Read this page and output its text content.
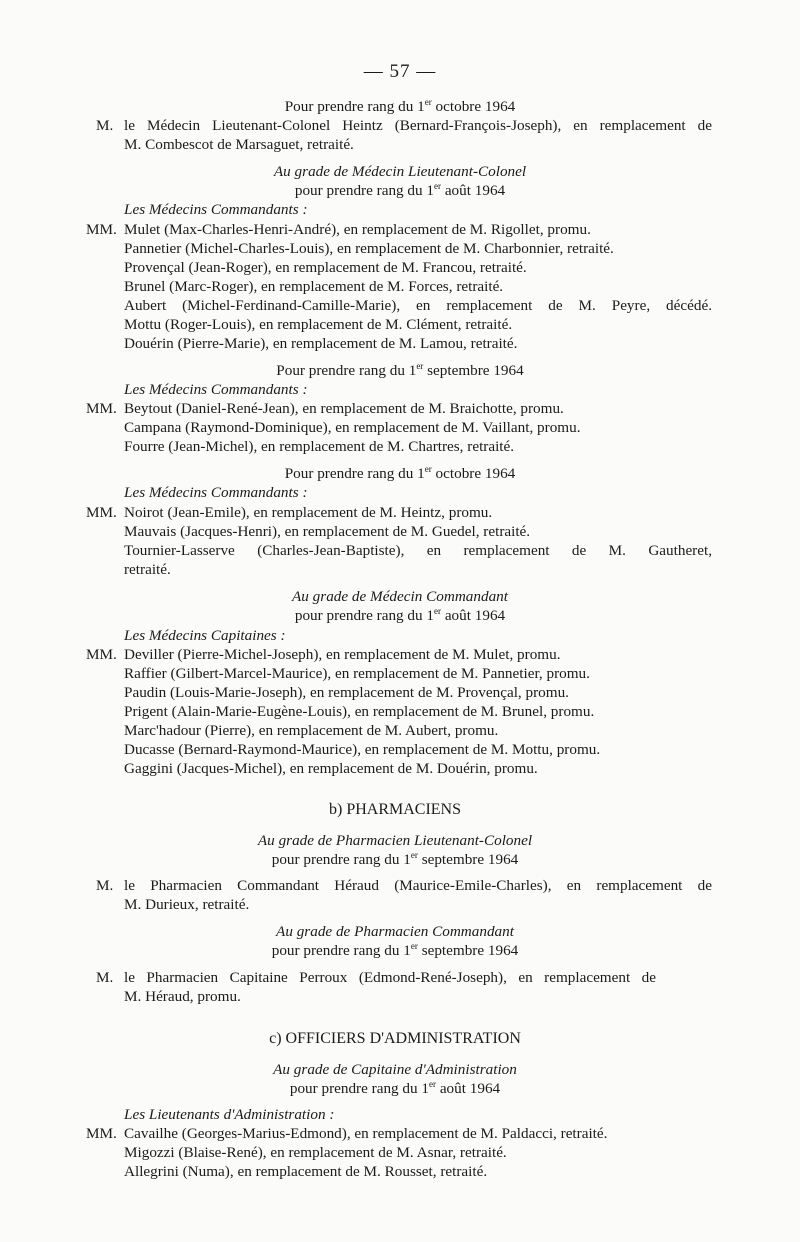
— 57 —
Pour prendre rang du 1er octobre 1964
M. le Médecin Lieutenant-Colonel Heintz (Bernard-François-Joseph), en remplacement de
M. Combescot de Marsaguet, retraité.
Au grade de Médecin Lieutenant-Colonel
pour prendre rang du 1er août 1964
Les Médecins Commandants :
MM. Mulet (Max-Charles-Henri-André), en remplacement de M. Rigollet, promu.
Pannetier (Michel-Charles-Louis), en remplacement de M. Charbonnier, retraité.
Provençal (Jean-Roger), en remplacement de M. Francou, retraité.
Brunel (Marc-Roger), en remplacement de M. Forces, retraité.
Aubert (Michel-Ferdinand-Camille-Marie), en remplacement de M. Peyre, décédé.
Mottu (Roger-Louis), en remplacement de M. Clément, retraité.
Douérin (Pierre-Marie), en remplacement de M. Lamou, retraité.
Pour prendre rang du 1er septembre 1964
Les Médecins Commandants :
MM. Beytout (Daniel-René-Jean), en remplacement de M. Braichotte, promu.
Campana (Raymond-Dominique), en remplacement de M. Vaillant, promu.
Fourre (Jean-Michel), en remplacement de M. Chartres, retraité.
Pour prendre rang du 1er octobre 1964
Les Médecins Commandants :
MM. Noirot (Jean-Emile), en remplacement de M. Heintz, promu.
Mauvais (Jacques-Henri), en remplacement de M. Guedel, retraité.
Tournier-Lasserve (Charles-Jean-Baptiste), en remplacement de M. Gautheret,
retraité.
Au grade de Médecin Commandant
pour prendre rang du 1er août 1964
Les Médecins Capitaines :
MM. Deviller (Pierre-Michel-Joseph), en remplacement de M. Mulet, promu.
Raffier (Gilbert-Marcel-Maurice), en remplacement de M. Pannetier, promu.
Paudin (Louis-Marie-Joseph), en remplacement de M. Provençal, promu.
Prigent (Alain-Marie-Eugène-Louis), en remplacement de M. Brunel, promu.
Marc'hadour (Pierre), en remplacement de M. Aubert, promu.
Ducasse (Bernard-Raymond-Maurice), en remplacement de M. Mottu, promu.
Gaggini (Jacques-Michel), en remplacement de M. Douérin, promu.
b) PHARMACIENS
Au grade de Pharmacien Lieutenant-Colonel
pour prendre rang du 1er septembre 1964
M. le Pharmacien Commandant Héraud (Maurice-Emile-Charles), en remplacement de
M. Durieux, retraité.
Au grade de Pharmacien Commandant
pour prendre rang du 1er septembre 1964
M. le Pharmacien Capitaine Perroux (Edmond-René-Joseph), en remplacement de
M. Héraud, promu.
c) OFFICIERS D'ADMINISTRATION
Au grade de Capitaine d'Administration
pour prendre rang du 1er août 1964
Les Lieutenants d'Administration :
MM. Cavailhe (Georges-Marius-Edmond), en remplacement de M. Paldacci, retraité.
Migozzi (Blaise-René), en remplacement de M. Asnar, retraité.
Allegrini (Numa), en remplacement de M. Rousset, retraité.
